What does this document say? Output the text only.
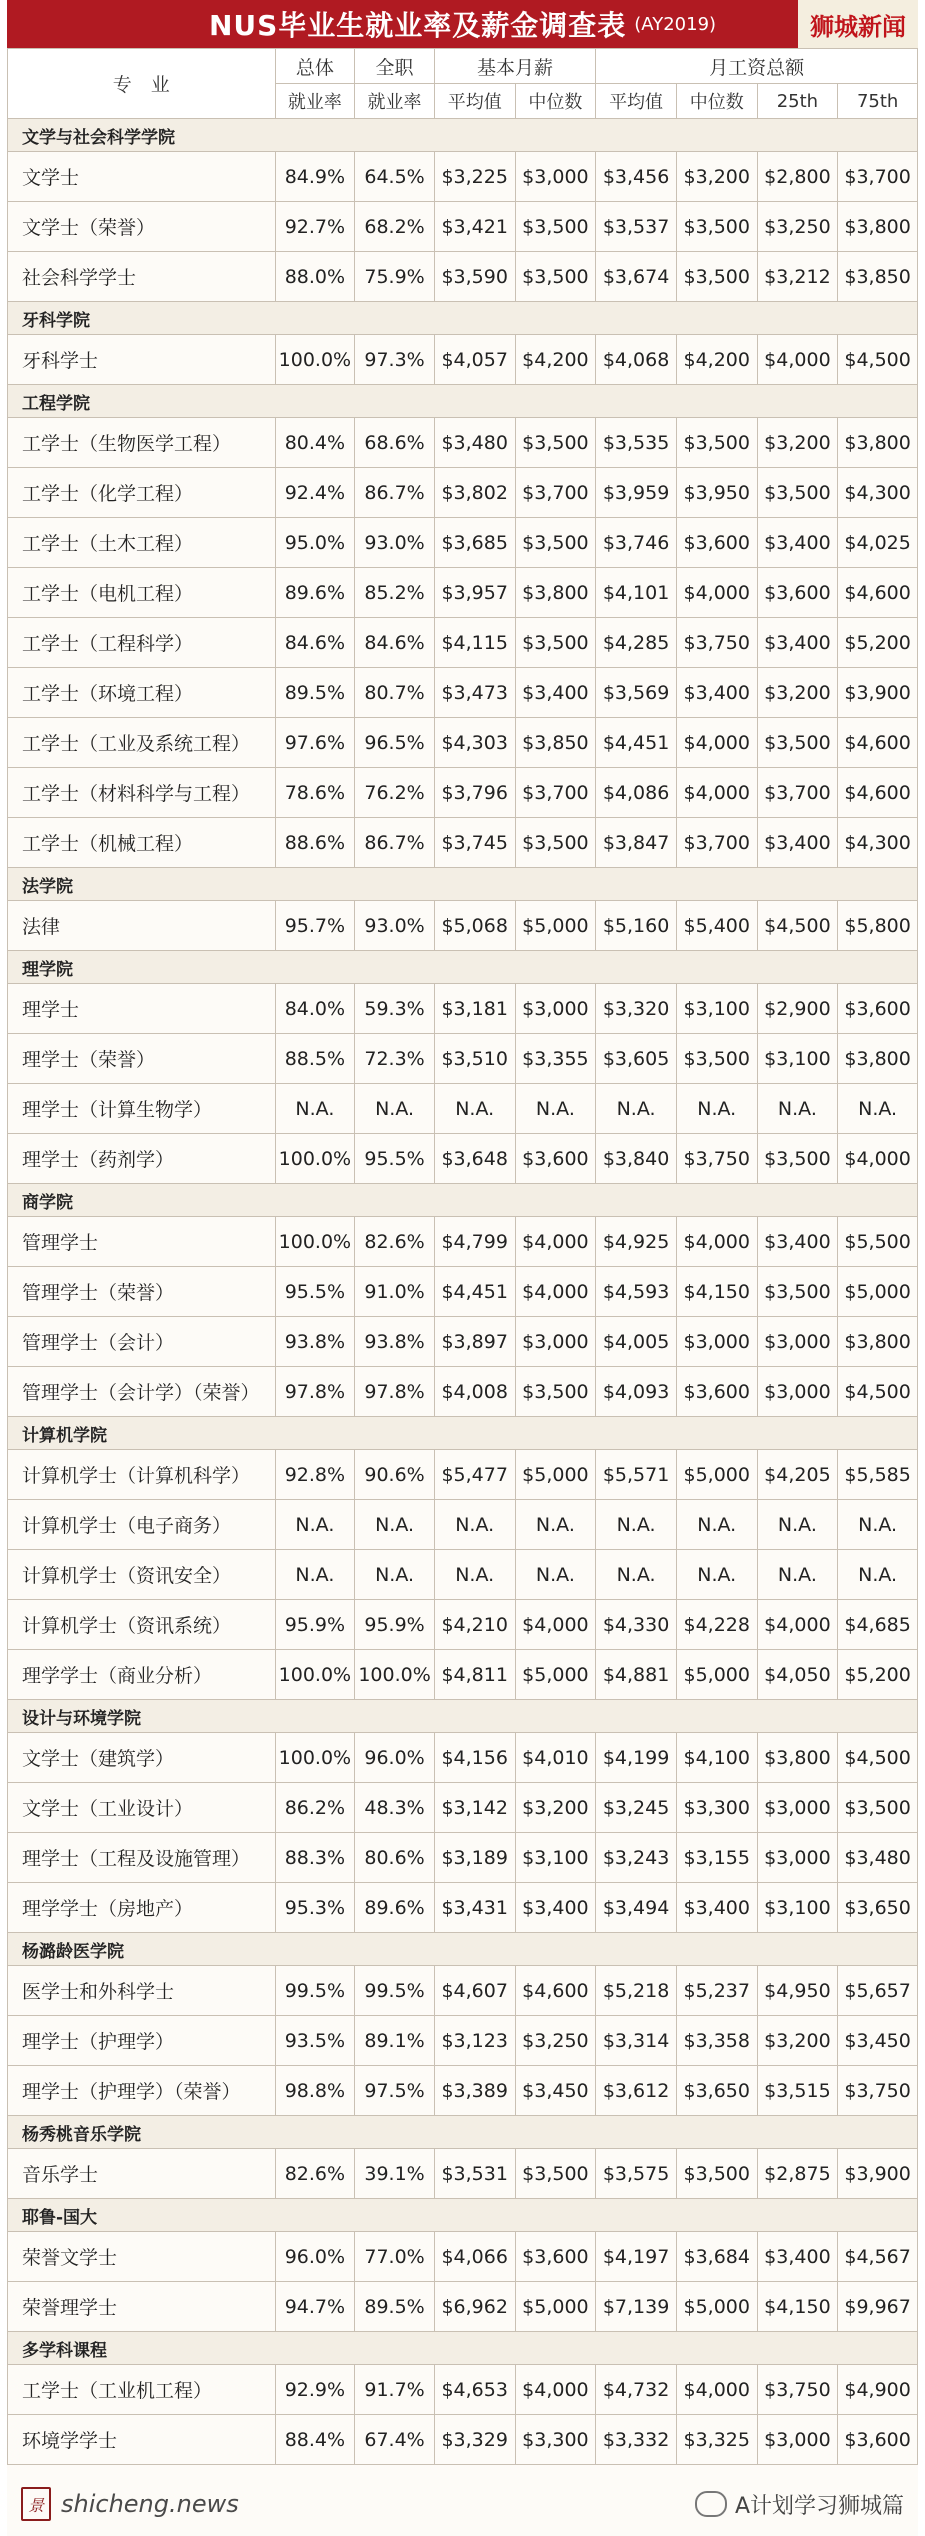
NUS毕业生就业率及薪金调查表 (AY2019)	狮城新闻
专　业	总体	全职	基本月薪		月工资总额			
	就业率	就业率	平均值	中位数	平均值	中位数	25th	75th
文学与社会科学学院								
文学士	84.9%	64.5%	$3,225	$3,000	$3,456	$3,200	$2,800	$3,700
文学士（荣誉）	92.7%	68.2%	$3,421	$3,500	$3,537	$3,500	$3,250	$3,800
社会科学学士	88.0%	75.9%	$3,590	$3,500	$3,674	$3,500	$3,212	$3,850
牙科学院								
牙科学士	100.0%	97.3%	$4,057	$4,200	$4,068	$4,200	$4,000	$4,500
工程学院								
工学士（生物医学工程）	80.4%	68.6%	$3,480	$3,500	$3,535	$3,500	$3,200	$3,800
工学士（化学工程）	92.4%	86.7%	$3,802	$3,700	$3,959	$3,950	$3,500	$4,300
工学士（土木工程）	95.0%	93.0%	$3,685	$3,500	$3,746	$3,600	$3,400	$4,025
工学士（电机工程）	89.6%	85.2%	$3,957	$3,800	$4,101	$4,000	$3,600	$4,600
工学士（工程科学）	84.6%	84.6%	$4,115	$3,500	$4,285	$3,750	$3,400	$5,200
工学士（环境工程）	89.5%	80.7%	$3,473	$3,400	$3,569	$3,400	$3,200	$3,900
工学士（工业及系统工程）	97.6%	96.5%	$4,303	$3,850	$4,451	$4,000	$3,500	$4,600
工学士（材料科学与工程）	78.6%	76.2%	$3,796	$3,700	$4,086	$4,000	$3,700	$4,600
工学士（机械工程）	88.6%	86.7%	$3,745	$3,500	$3,847	$3,700	$3,400	$4,300
法学院								
法律	95.7%	93.0%	$5,068	$5,000	$5,160	$5,400	$4,500	$5,800
理学院								
理学士	84.0%	59.3%	$3,181	$3,000	$3,320	$3,100	$2,900	$3,600
理学士（荣誉）	88.5%	72.3%	$3,510	$3,355	$3,605	$3,500	$3,100	$3,800
理学士（计算生物学）	N.A.	N.A.	N.A.	N.A.	N.A.	N.A.	N.A.	N.A.
理学士（药剂学）	100.0%	95.5%	$3,648	$3,600	$3,840	$3,750	$3,500	$4,000
商学院								
管理学士	100.0%	82.6%	$4,799	$4,000	$4,925	$4,000	$3,400	$5,500
管理学士（荣誉）	95.5%	91.0%	$4,451	$4,000	$4,593	$4,150	$3,500	$5,000
管理学士（会计）	93.8%	93.8%	$3,897	$3,000	$4,005	$3,000	$3,000	$3,800
管理学士（会计学）（荣誉）	97.8%	97.8%	$4,008	$3,500	$4,093	$3,600	$3,000	$4,500
计算机学院								
计算机学士（计算机科学）	92.8%	90.6%	$5,477	$5,000	$5,571	$5,000	$4,205	$5,585
计算机学士（电子商务）	N.A.	N.A.	N.A.	N.A.	N.A.	N.A.	N.A.	N.A.
计算机学士（资讯安全）	N.A.	N.A.	N.A.	N.A.	N.A.	N.A.	N.A.	N.A.
计算机学士（资讯系统）	95.9%	95.9%	$4,210	$4,000	$4,330	$4,228	$4,000	$4,685
理学学士（商业分析）	100.0%	100.0%	$4,811	$5,000	$4,881	$5,000	$4,050	$5,200
设计与环境学院								
文学士（建筑学）	100.0%	96.0%	$4,156	$4,010	$4,199	$4,100	$3,800	$4,500
文学士（工业设计）	86.2%	48.3%	$3,142	$3,200	$3,245	$3,300	$3,000	$3,500
理学士（工程及设施管理）	88.3%	80.6%	$3,189	$3,100	$3,243	$3,155	$3,000	$3,480
理学学士（房地产）	95.3%	89.6%	$3,431	$3,400	$3,494	$3,400	$3,100	$3,650
杨潞龄医学院								
医学士和外科学士	99.5%	99.5%	$4,607	$4,600	$5,218	$5,237	$4,950	$5,657
理学士（护理学）	93.5%	89.1%	$3,123	$3,250	$3,314	$3,358	$3,200	$3,450
理学士（护理学）（荣誉）	98.8%	97.5%	$3,389	$3,450	$3,612	$3,650	$3,515	$3,750
杨秀桃音乐学院								
音乐学士	82.6%	39.1%	$3,531	$3,500	$3,575	$3,500	$2,875	$3,900
耶鲁-国大								
荣誉文学士	96.0%	77.0%	$4,066	$3,600	$4,197	$3,684	$3,400	$4,567
荣誉理学士	94.7%	89.5%	$6,962	$5,000	$7,139	$5,000	$4,150	$9,967
多学科课程								
工学士（工业机工程）	92.9%	91.7%	$4,653	$4,000	$4,732	$4,000	$3,750	$4,900
环境学学士	88.4%	67.4%	$3,329	$3,300	$3,332	$3,325	$3,000	$3,600
景 shicheng.news	A计划学习狮城篇
